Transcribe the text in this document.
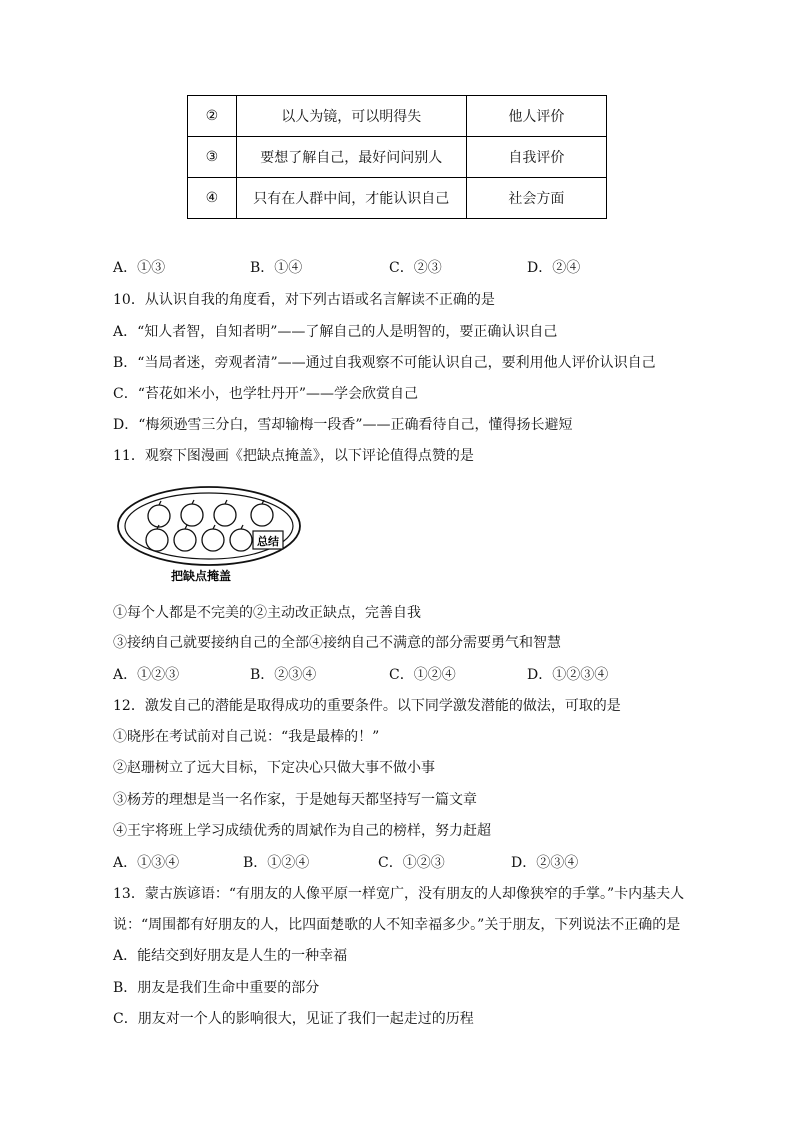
②	以人为镜，可以明得失	他人评价
③	要想了解自己，最好问问别人	自我评价
④	只有在人群中间，才能认识自己	社会方面
A．①③	B．①④	C．②③	D．②④
10．从认识自我的角度看，对下列古语或名言解读不正确的是
A．“知人者智，自知者明”——了解自己的人是明智的，要正确认识自己
B．“当局者迷，旁观者清”——通过自我观察不可能认识自己，要利用他人评价认识自己
C．“苔花如米小，也学牡丹开”——学会欣赏自己
D．“梅须逊雪三分白，雪却输梅一段香”——正确看待自己，懂得扬长避短
11．观察下图漫画《把缺点掩盖》，以下评论值得点赞的是
总结
把缺点掩盖
①每个人都是不完美的②主动改正缺点，完善自我
③接纳自己就要接纳自己的全部④接纳自己不满意的部分需要勇气和智慧
A．①②③	B．②③④	C．①②④	D．①②③④
12．激发自己的潜能是取得成功的重要条件。以下同学激发潜能的做法，可取的是
①晓彤在考试前对自己说：“我是最棒的！”
②赵珊树立了远大目标，下定决心只做大事不做小事
③杨芳的理想是当一名作家，于是她每天都坚持写一篇文章
④王宇将班上学习成绩优秀的周斌作为自己的榜样，努力赶超
A．①③④	B．①②④	C．①②③	D．②③④
13．蒙古族谚语：“有朋友的人像平原一样宽广，没有朋友的人却像狭窄的手掌。”卡内基夫人
说：“周围都有好朋友的人，比四面楚歌的人不知幸福多少。”关于朋友，下列说法不正确的是
A．能结交到好朋友是人生的一种幸福
B．朋友是我们生命中重要的部分
C．朋友对一个人的影响很大，见证了我们一起走过的历程
